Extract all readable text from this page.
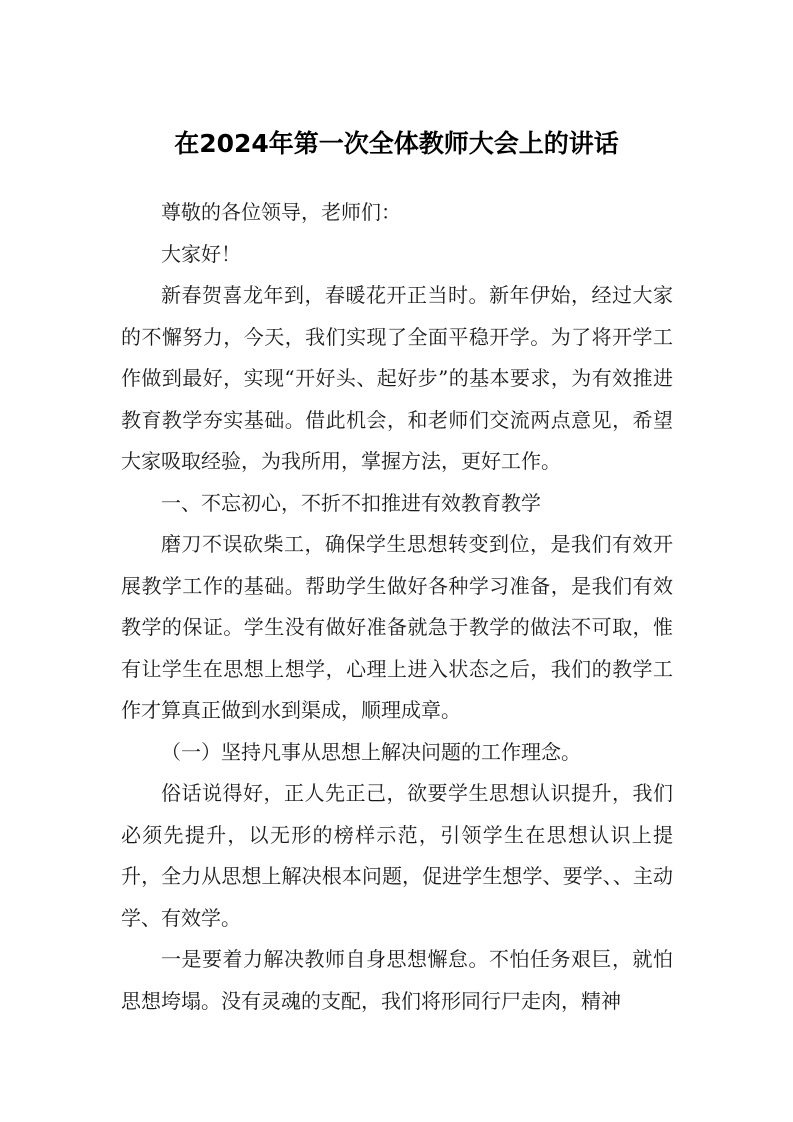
在2024年第一次全体教师大会上的讲话

尊敬的各位领导，老师们：

大家好！

新春贺喜龙年到，春暖花开正当时。新年伊始，经过大家的不懈努力，今天，我们实现了全面平稳开学。为了将开学工作做到最好，实现“开好头、起好步”的基本要求，为有效推进教育教学夯实基础。借此机会，和老师们交流两点意见，希望大家吸取经验，为我所用，掌握方法，更好工作。

一、不忘初心，不折不扣推进有效教育教学

磨刀不误砍柴工，确保学生思想转变到位，是我们有效开展教学工作的基础。帮助学生做好各种学习准备，是我们有效教学的保证。学生没有做好准备就急于教学的做法不可取，惟有让学生在思想上想学，心理上进入状态之后，我们的教学工作才算真正做到水到渠成，顺理成章。

（一）坚持凡事从思想上解决问题的工作理念。

俗话说得好，正人先正己，欲要学生思想认识提升，我们必须先提升，以无形的榜样示范，引领学生在思想认识上提升，全力从思想上解决根本问题，促进学生想学、要学、、主动学、有效学。

一是要着力解决教师自身思想懈怠。不怕任务艰巨，就怕思想垮塌。没有灵魂的支配，我们将形同行尸走肉，精神
